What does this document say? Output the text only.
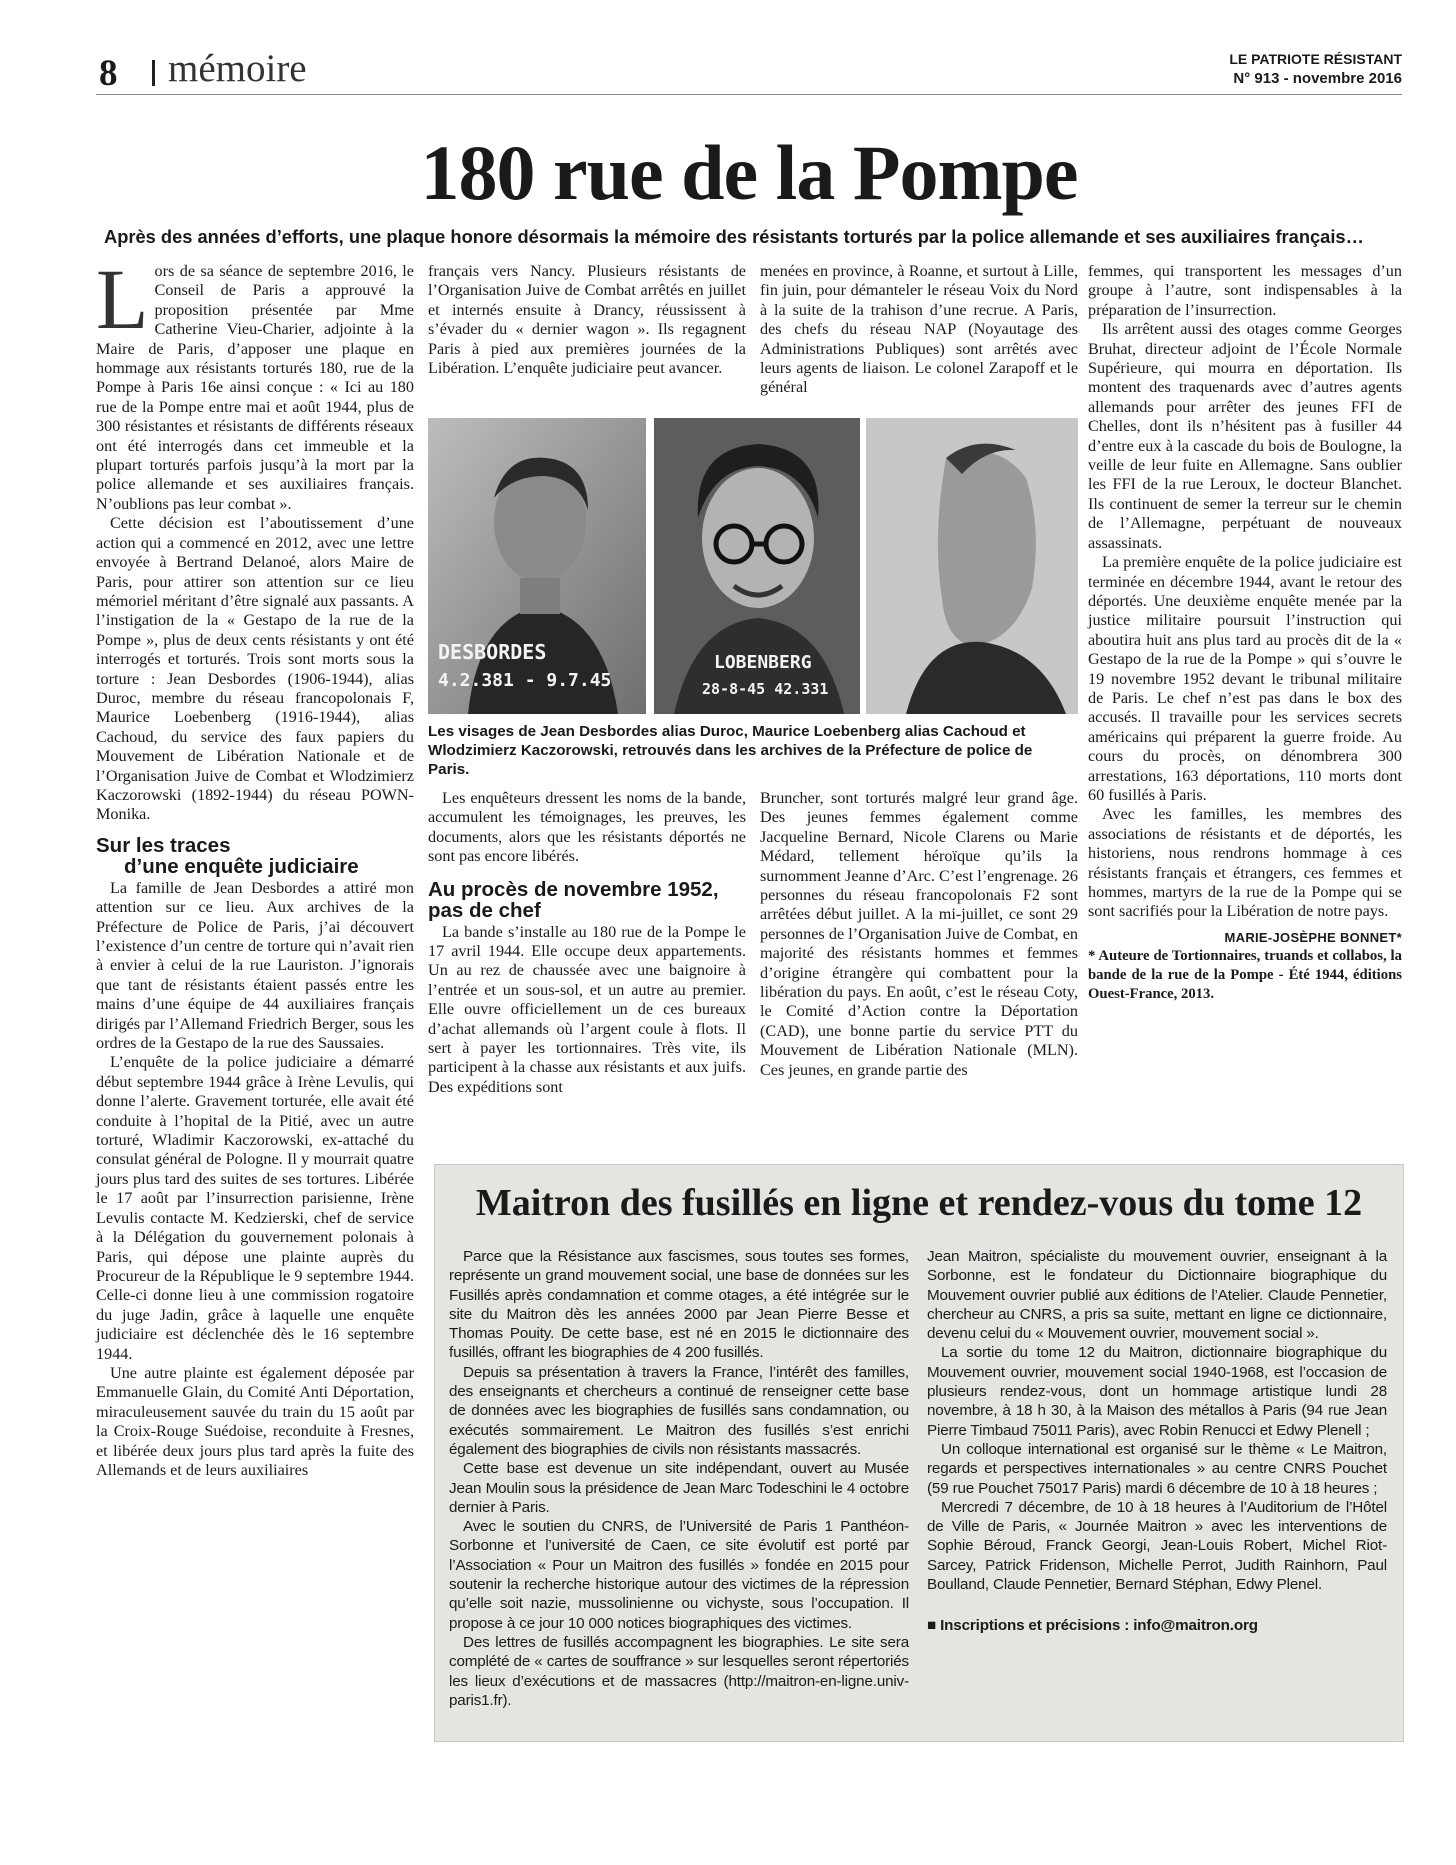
8 mémoire	LE PATRIOTE RÉSISTANT
N° 913 - novembre 2016
180 rue de la Pompe
Après des années d’efforts, une plaque honore désormais la mémoire des résistants torturés par la police allemande et ses auxiliaires français…

Lors de sa séance de septembre 2016, le Conseil de Paris a approuvé la proposition présentée par Mme Catherine Vieu-Charier, adjointe à la Maire de Paris, d’apposer une plaque en hommage aux résistants torturés 180, rue de la Pompe à Paris 16e ainsi conçue : « Ici au 180 rue de la Pompe entre mai et août 1944, plus de 300 résistantes et résistants de différents réseaux ont été interrogés dans cet immeuble et la plupart torturés parfois jusqu’à la mort par la police allemande et ses auxiliaires français. N’oublions pas leur combat ».

Cette décision est l’aboutissement d’une action qui a commencé en 2012, avec une lettre envoyée à Bertrand Delanoé, alors Maire de Paris, pour attirer son attention sur ce lieu mémoriel méritant d’être signalé aux passants. A l’instigation de la « Gestapo de la rue de la Pompe », plus de deux cents résistants y ont été interrogés et torturés. Trois sont morts sous la torture : Jean Desbordes (1906-1944), alias Duroc, membre du réseau francopolonais F, Maurice Loebenberg (1916-1944), alias Cachoud, du service des faux papiers du Mouvement de Libération Nationale et de l’Organisation Juive de Combat et Wlodzimierz Kaczorowski (1892-1944) du réseau POWN-Monika.

Sur les traces
d’une enquête judiciaire

La famille de Jean Desbordes a attiré mon attention sur ce lieu. Aux archives de la Préfecture de Police de Paris, j’ai découvert l’existence d’un centre de torture qui n’avait rien à envier à celui de la rue Lauriston. J’ignorais que tant de résistants étaient passés entre les mains d’une équipe de 44 auxiliaires français dirigés par l’Allemand Friedrich Berger, sous les ordres de la Gestapo de la rue des Saussaies.

L’enquête de la police judiciaire a démarré début septembre 1944 grâce à Irène Levulis, qui donne l’alerte. Gravement torturée, elle avait été conduite à l’hopital de la Pitié, avec un autre torturé, Wladimir Kaczorowski, ex-attaché du consulat général de Pologne. Il y mourrait quatre jours plus tard des suites de ses tortures. Libérée le 17 août par l’insurrection parisienne, Irène Levulis contacte M. Kedzierski, chef de service à la Délégation du gouvernement polonais à Paris, qui dépose une plainte auprès du Procureur de la République le 9 septembre 1944. Celle-ci donne lieu à une commission rogatoire du juge Jadin, grâce à laquelle une enquête judiciaire est déclenchée dès le 16 septembre 1944.

Une autre plainte est également déposée par Emmanuelle Glain, du Comité Anti Déportation, miraculeusement sauvée du train du 15 août par la Croix-Rouge Suédoise, reconduite à Fresnes, et libérée deux jours plus tard après la fuite des Allemands et de leurs auxiliaires

français vers Nancy. Plusieurs résistants de l’Organisation Juive de Combat arrêtés en juillet et internés ensuite à Drancy, réussissent à s’évader du « dernier wagon ». Ils regagnent Paris à pied aux premières journées de la Libération. L’enquête judiciaire peut avancer.

menées en province, à Roanne, et surtout à Lille, fin juin, pour démanteler le réseau Voix du Nord à la suite de la trahison d’une recrue. A Paris, des chefs du réseau NAP (Noyautage des Administrations Publiques) sont arrêtés avec leurs agents de liaison. Le colonel Zarapoff et le général

DESBORDES
4.2.381 - 9.7.45
LOBENBERG
28-8-45 42.331
Les visages de Jean Desbordes alias Duroc, Maurice Loebenberg alias Cachoud et Wlodzimierz Kaczorowski, retrouvés dans les archives de la Préfecture de police de Paris.

Les enquêteurs dressent les noms de la bande, accumulent les témoignages, les preuves, les documents, alors que les résistants déportés ne sont pas encore libérés.

Au procès de novembre 1952,
pas de chef

La bande s’installe au 180 rue de la Pompe le 17 avril 1944. Elle occupe deux appartements. Un au rez de chaussée avec une baignoire à l’entrée et un sous-sol, et un autre au premier. Elle ouvre officiellement un de ces bureaux d’achat allemands où l’argent coule à flots. Il sert à payer les tortionnaires. Très vite, ils participent à la chasse aux résistants et aux juifs. Des expéditions sont

Bruncher, sont torturés malgré leur grand âge. Des jeunes femmes également comme Jacqueline Bernard, Nicole Clarens ou Marie Médard, tellement héroïque qu’ils la surnomment Jeanne d’Arc. C’est l’engrenage. 26 personnes du réseau francopolonais F2 sont arrêtées début juillet. A la mi-juillet, ce sont 29 personnes de l’Organisation Juive de Combat, en majorité des résistants hommes et femmes d’origine étrangère qui combattent pour la libération du pays. En août, c’est le réseau Coty, le Comité d’Action contre la Déportation (CAD), une bonne partie du service PTT du Mouvement de Libération Nationale (MLN). Ces jeunes, en grande partie des

femmes, qui transportent les messages d’un groupe à l’autre, sont indispensables à la préparation de l’insurrection.

Ils arrêtent aussi des otages comme Georges Bruhat, directeur adjoint de l’École Normale Supérieure, qui mourra en déportation. Ils montent des traquenards avec d’autres agents allemands pour arrêter des jeunes FFI de Chelles, dont ils n’hésitent pas à fusiller 44 d’entre eux à la cascade du bois de Boulogne, la veille de leur fuite en Allemagne. Sans oublier les FFI de la rue Leroux, le docteur Blanchet. Ils continuent de semer la terreur sur le chemin de l’Allemagne, perpétuant de nouveaux assassinats.

La première enquête de la police judiciaire est terminée en décembre 1944, avant le retour des déportés. Une deuxième enquête menée par la justice militaire poursuit l’instruction qui aboutira huit ans plus tard au procès dit de la « Gestapo de la rue de la Pompe » qui s’ouvre le 19 novembre 1952 devant le tribunal militaire de Paris. Le chef n’est pas dans le box des accusés. Il travaille pour les services secrets américains qui préparent la guerre froide. Au cours du procès, on dénombrera 300 arrestations, 163 déportations, 110 morts dont 60 fusillés à Paris.

Avec les familles, les membres des associations de résistants et de déportés, les historiens, nous rendrons hommage à ces résistants français et étrangers, ces femmes et hommes, martyrs de la rue de la Pompe qui se sont sacrifiés pour la Libération de notre pays.

MARIE-JOSÈPHE BONNET*

* Auteure de Tortionnaires, truands et collabos, la bande de la rue de la Pompe - Été 1944, éditions Ouest-France, 2013.

Maitron des fusillés en ligne et rendez-vous du tome 12

Parce que la Résistance aux fascismes, sous toutes ses formes, représente un grand mouvement social, une base de données sur les Fusillés après condamnation et comme otages, a été intégrée sur le site du Maitron dès les années 2000 par Jean Pierre Besse et Thomas Pouity. De cette base, est né en 2015 le dictionnaire des fusillés, offrant les biographies de 4 200 fusillés.

Depuis sa présentation à travers la France, l’intérêt des familles, des enseignants et chercheurs a continué de renseigner cette base de données avec les biographies de fusillés sans condamnation, ou exécutés sommairement. Le Maitron des fusillés s’est enrichi également des biographies de civils non résistants massacrés.

Cette base est devenue un site indépendant, ouvert au Musée Jean Moulin sous la présidence de Jean Marc Todeschini le 4 octobre dernier à Paris.

Avec le soutien du CNRS, de l’Université de Paris 1 Panthéon-Sorbonne et l’université de Caen, ce site évolutif est porté par l’Association « Pour un Maitron des fusillés » fondée en 2015 pour soutenir la recherche historique autour des victimes de la répression qu’elle soit nazie, mussolinienne ou vichyste, sous l’occupation. Il propose à ce jour 10 000 notices biographiques des victimes.

Des lettres de fusillés accompagnent les biographies. Le site sera complété de « cartes de souffrance » sur lesquelles seront répertoriés les lieux d’exécutions et de massacres (http://maitron-en-ligne.univ-paris1.fr).

Jean Maitron, spécialiste du mouvement ouvrier, enseignant à la Sorbonne, est le fondateur du Dictionnaire biographique du Mouvement ouvrier publié aux éditions de l’Atelier. Claude Pennetier, chercheur au CNRS, a pris sa suite, mettant en ligne ce dictionnaire, devenu celui du « Mouvement ouvrier, mouvement social ».

La sortie du tome 12 du Maitron, dictionnaire biographique du Mouvement ouvrier, mouvement social 1940-1968, est l’occasion de plusieurs rendez-vous, dont un hommage artistique lundi 28 novembre, à 18 h 30, à la Maison des métallos à Paris (94 rue Jean Pierre Timbaud 75011 Paris), avec Robin Renucci et Edwy Plenell ;

Un colloque international est organisé sur le thème « Le Maitron, regards et perspectives internationales » au centre CNRS Pouchet (59 rue Pouchet 75017 Paris) mardi 6 décembre de 10 à 18 heures ;

Mercredi 7 décembre, de 10 à 18 heures à l’Auditorium de l’Hôtel de Ville de Paris, « Journée Maitron » avec les interventions de Sophie Béroud, Franck Georgi, Jean-Louis Robert, Michel Riot-Sarcey, Patrick Fridenson, Michelle Perrot, Judith Rainhorn, Paul Boulland, Claude Pennetier, Bernard Stéphan, Edwy Plenel.

■ Inscriptions et précisions : info@maitron.org
